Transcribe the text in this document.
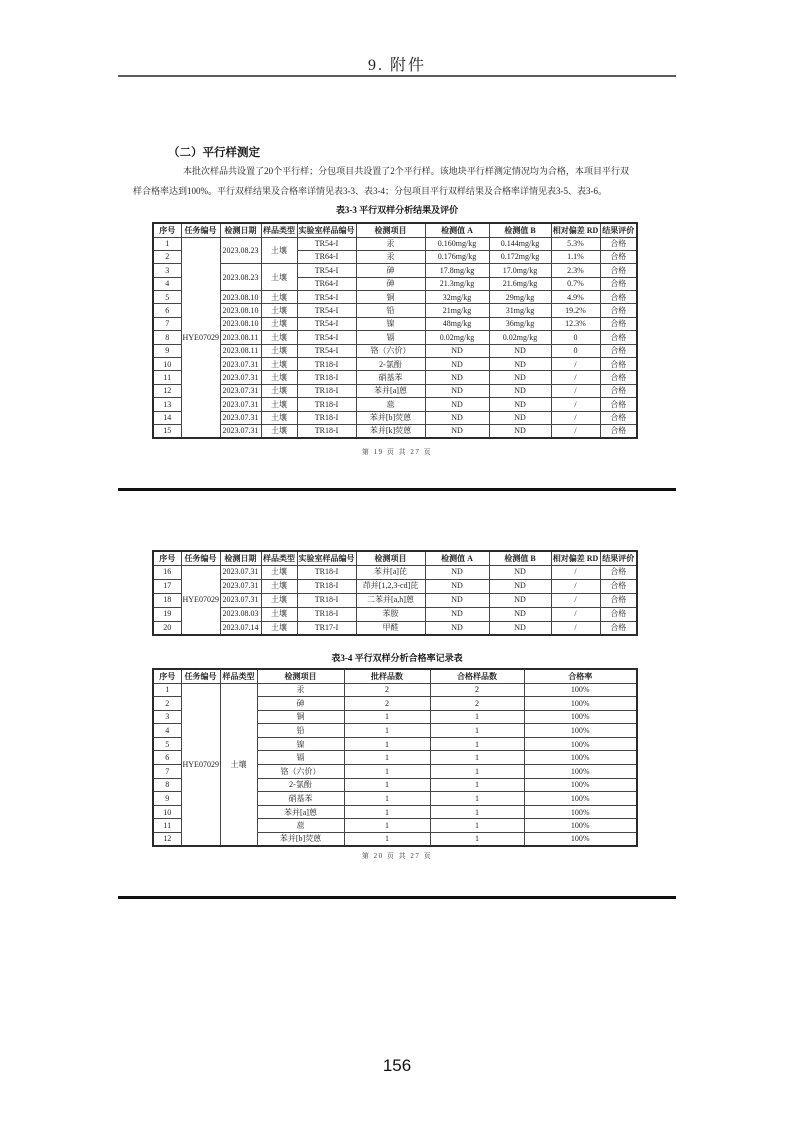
9. 附件
（二）平行样测定

本批次样品共设置了20个平行样；分包项目共设置了2个平行样。该地块平行样测定情况均为合格，本项目平行双样合格率达到100%。平行双样结果及合格率详情见表3-3、表3-4；分包项目平行双样结果及合格率详情见表3-5、表3-6。

表3-3 平行双样分析结果及评价
序号	任务编号	检测日期	样品类型	实验室样品编号	检测项目	检测值 A	检测值 B	相对偏差 RD	结果评价
1	HYE07029	2023.08.23	土壤	TR54-I	汞	0.160mg/kg	0.144mg/kg	5.3%	合格
2				TR64-I	汞	0.176mg/kg	0.172mg/kg	1.1%	合格
3		2023.08.23	土壤	TR54-I	砷	17.8mg/kg	17.0mg/kg	2.3%	合格
4				TR64-I	砷	21.3mg/kg	21.6mg/kg	0.7%	合格
5		2023.08.10	土壤	TR54-I	铜	32mg/kg	29mg/kg	4.9%	合格
6		2023.08.10	土壤	TR54-I	铅	21mg/kg	31mg/kg	19.2%	合格
7		2023.08.10	土壤	TR54-I	镍	48mg/kg	36mg/kg	12.3%	合格
8		2023.08.11	土壤	TR54-I	镉	0.02mg/kg	0.02mg/kg	0	合格
9		2023.08.11	土壤	TR54-I	铬（六价）	ND	ND	0	合格
10		2023.07.31	土壤	TR18-I	2-氯酚	ND	ND	/	合格
11		2023.07.31	土壤	TR18-I	硝基苯	ND	ND	/	合格
12		2023.07.31	土壤	TR18-I	苯并[a]蒽	ND	ND	/	合格
13		2023.07.31	土壤	TR18-I	䓛	ND	ND	/	合格
14		2023.07.31	土壤	TR18-I	苯并[b]荧蒽	ND	ND	/	合格
15		2023.07.31	土壤	TR18-I	苯并[k]荧蒽	ND	ND	/	合格
第 19 页 共 27 页
序号	任务编号	检测日期	样品类型	实验室样品编号	检测项目	检测值 A	检测值 B	相对偏差 RD	结果评价
16	HYE07029	2023.07.31	土壤	TR18-I	苯并[a]芘	ND	ND	/	合格
17		2023.07.31	土壤	TR18-I	茚并[1,2,3-cd]芘	ND	ND	/	合格
18		2023.07.31	土壤	TR18-I	二苯并[a,h]蒽	ND	ND	/	合格
19		2023.08.03	土壤	TR18-I	苯胺	ND	ND	/	合格
20		2023.07.14	土壤	TR17-I	甲醛	ND	ND	/	合格
表3-4 平行双样分析合格率记录表
序号	任务编号	样品类型	检测项目	批样品数	合格样品数	合格率
1	HYE07029	土壤	汞	2	2	100%
2			砷	2	2	100%
3			铜	1	1	100%
4			铅	1	1	100%
5			镍	1	1	100%
6			镉	1	1	100%
7			铬（六价）	1	1	100%
8			2-氯酚	1	1	100%
9			硝基苯	1	1	100%
10			苯并[a]蒽	1	1	100%
11			䓛	1	1	100%
12			苯并[b]荧蒽	1	1	100%
第 20 页 共 27 页
156
